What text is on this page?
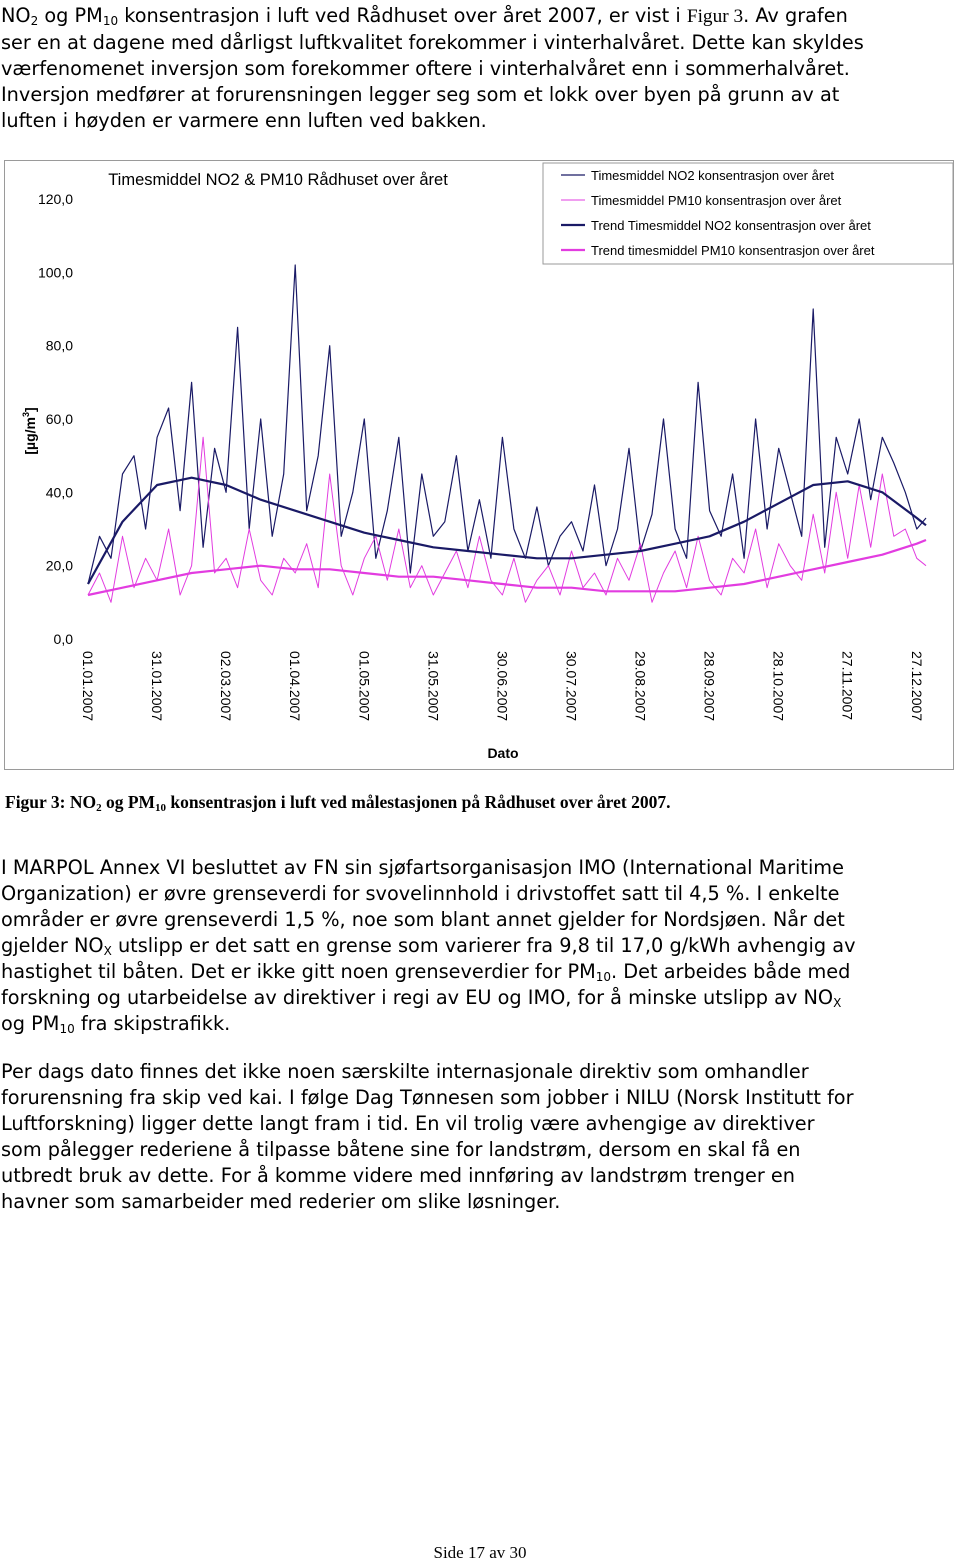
$NO_2$ og $PM_{10}$ konsentrasjon i luft ved Rådhuset over året 2007, er vist i Figur 3. Av grafen
ser en at dagene med dårligst luftkvalitet forekommer i vinterhalvåret. Dette kan skyldes
værfenomenet inversjon som forekommer oftere i vinterhalvåret enn i sommerhalvåret.
Inversjon medfører at forurensningen legger seg som et lokk over byen på grunn av at
luften i høyden er varmere enn luften ved bakken.
0,0
20,0
40,0
60,0
80,0
100,0
120,0
$[\mu g/m^3]$
01.01.2007	31.01.2007	02.03.2007	01.04.2007	01.05.2007	31.05.2007	30.06.2007	30.07.2007	29.08.2007	28.09.2007	28.10.2007	27.11.2007	27.12.2007
Dato
Timesmiddel NO2 & PM10 Rådhuset over året	Timesmiddel NO2 konsentrasjon over året
Timesmiddel PM10 konsentrasjon over året
Trend Timesmiddel NO2 konsentrasjon over året
Trend timesmiddel PM10 konsentrasjon over året
Figur 3: $NO_2$ og $PM_{10}$ konsentrasjon i luft ved målestasjonen på Rådhuset over året 2007.
I MARPOL Annex VI besluttet av FN sin sjøfartsorganisasjon IMO (International Maritime
Organization) er øvre grenseverdi for svovelinnhold i drivstoffet satt til 4,5 %. I enkelte
områder er øvre grenseverdi 1,5 %, noe som blant annet gjelder for Nordsjøen. Når det
gjelder $NO_X$ utslipp er det satt en grense som varierer fra 9,8 til 17,0 g/kWh avhengig av
hastighet til båten. Det er ikke gitt noen grenseverdier for $PM_{10}$. Det arbeides både med
forskning og utarbeidelse av direktiver i regi av EU og IMO, for å minske utslipp av $NO_X$
og $PM_{10}$ fra skipstrafikk.
Per dags dato finnes det ikke noen særskilte internasjonale direktiv som omhandler
forurensning fra skip ved kai. I følge Dag Tønnesen som jobber i NILU (Norsk Institutt for
Luftforskning) ligger dette langt fram i tid. En vil trolig være avhengige av direktiver
som pålegger rederiene å tilpasse båtene sine for landstrøm, dersom en skal få en
utbredt bruk av dette. For å komme videre med innføring av landstrøm trenger en
havner som samarbeider med rederier om slike løsninger.
Side 17 av 30
